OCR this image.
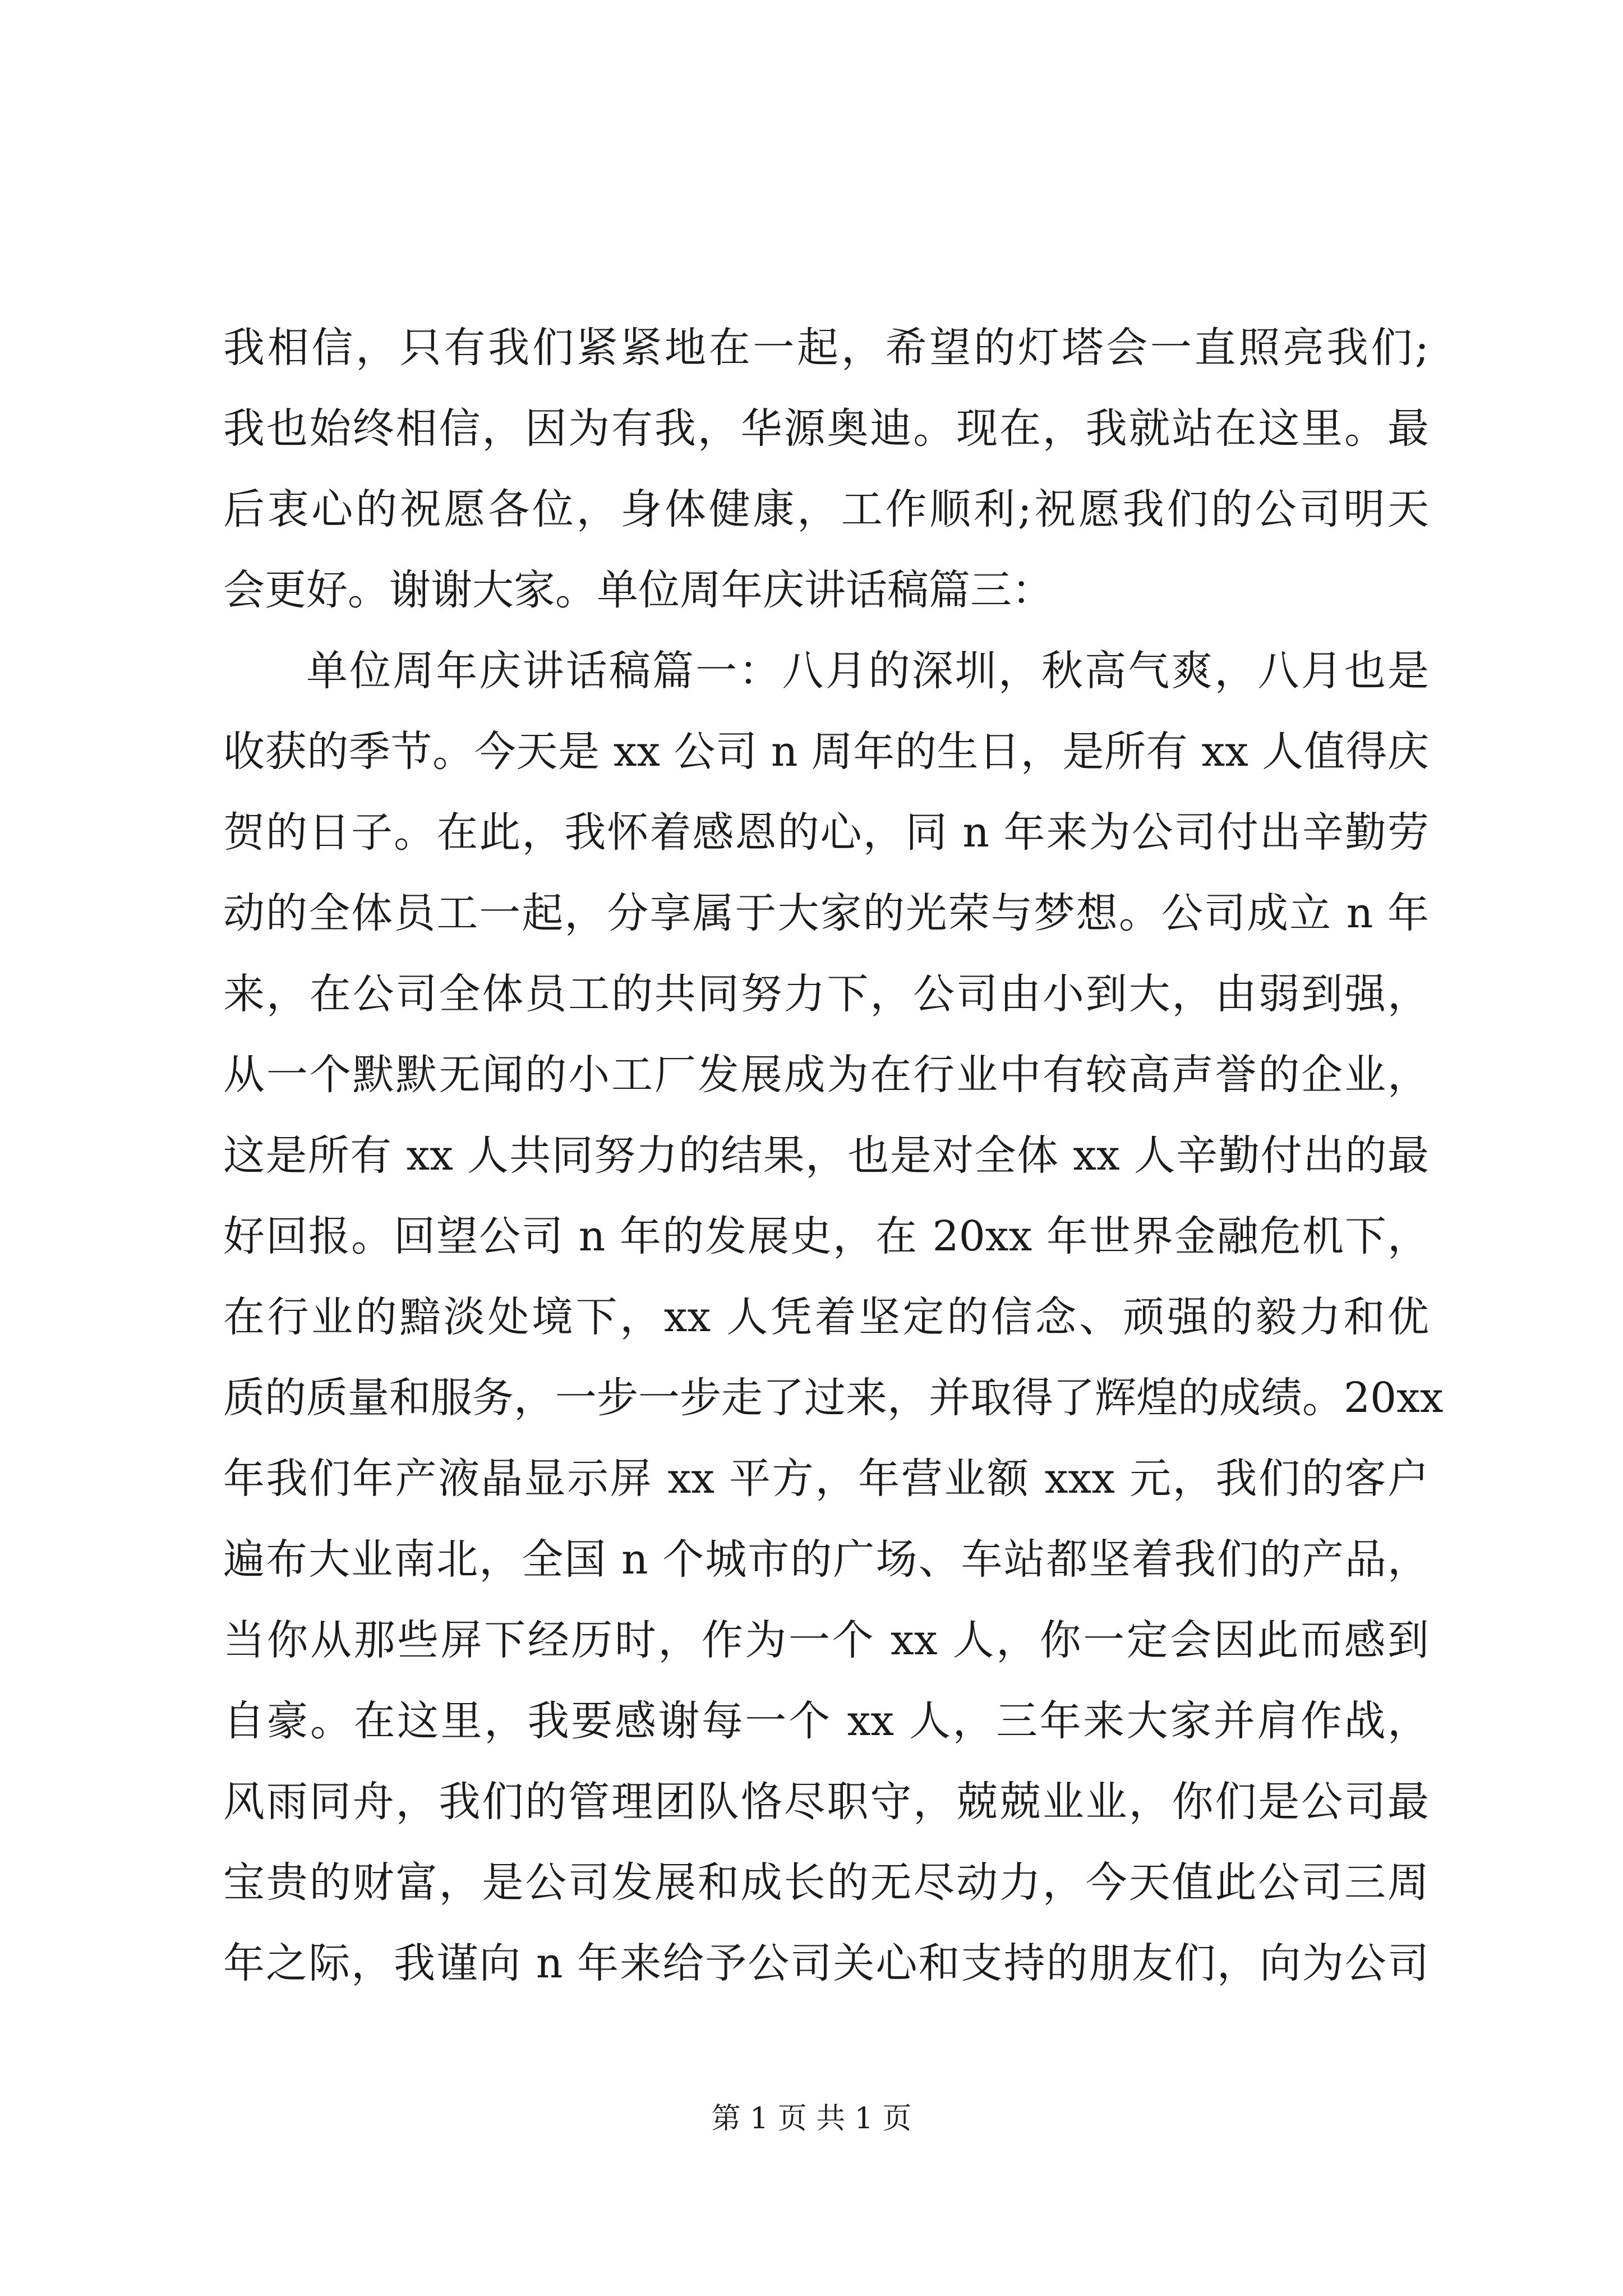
我相信，只有我们紧紧地在一起，希望的灯塔会一直照亮我们;
我也始终相信，因为有我，华源奥迪。现在，我就站在这里。最
后衷心的祝愿各位，身体健康，工作顺利;祝愿我们的公司明天
会更好。谢谢大家。单位周年庆讲话稿篇三：
单位周年庆讲话稿篇一：八月的深圳，秋高气爽，八月也是
收获的季节。今天是 xx 公司 n 周年的生日，是所有 xx 人值得庆
贺的日子。在此，我怀着感恩的心，同 n 年来为公司付出辛勤劳
动的全体员工一起，分享属于大家的光荣与梦想。公司成立 n 年
来，在公司全体员工的共同努力下，公司由小到大，由弱到强，
从一个默默无闻的小工厂发展成为在行业中有较高声誉的企业，
这是所有 xx 人共同努力的结果，也是对全体 xx 人辛勤付出的最
好回报。回望公司 n 年的发展史，在 20xx 年世界金融危机下，
在行业的黯淡处境下，xx 人凭着坚定的信念、顽强的毅力和优
质的质量和服务，一步一步走了过来，并取得了辉煌的成绩。20xx
年我们年产液晶显示屏 xx 平方，年营业额 xxx 元，我们的客户
遍布大业南北，全国 n 个城市的广场、车站都坚着我们的产品，
当你从那些屏下经历时，作为一个 xx 人，你一定会因此而感到
自豪。在这里，我要感谢每一个 xx 人，三年来大家并肩作战，
风雨同舟，我们的管理团队恪尽职守，兢兢业业，你们是公司最
宝贵的财富，是公司发展和成长的无尽动力，今天值此公司三周
年之际，我谨向 n 年来给予公司关心和支持的朋友们，向为公司
第 1 页 共 1 页
